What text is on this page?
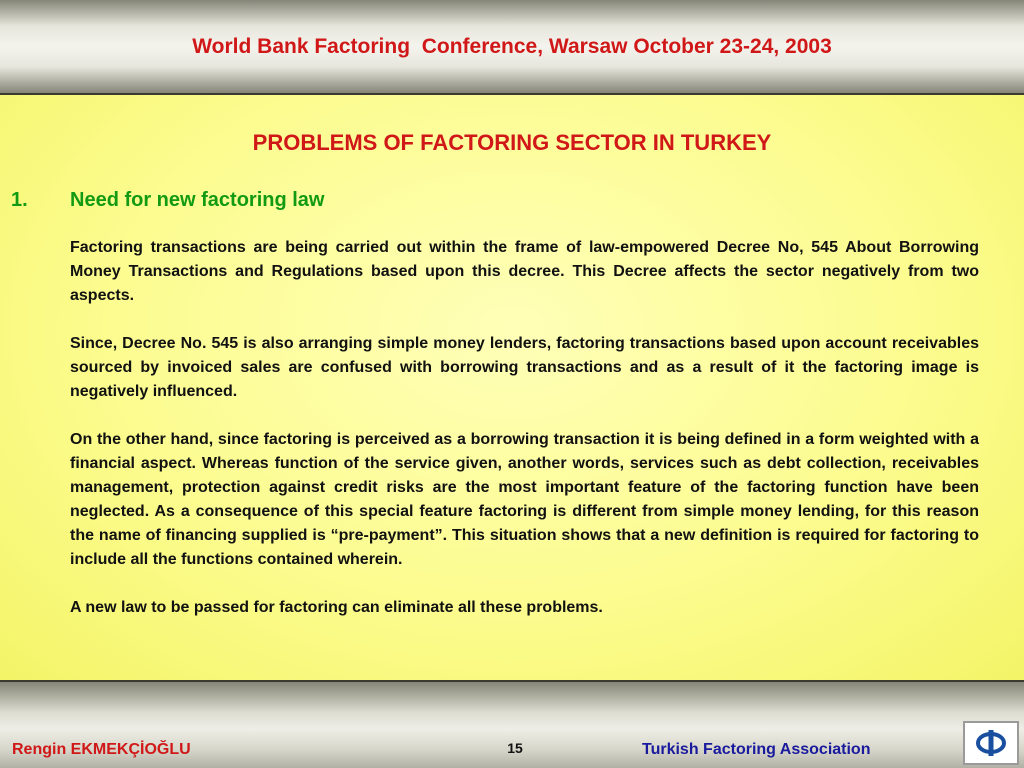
World Bank Factoring  Conference, Warsaw October 23-24, 2003
PROBLEMS OF FACTORING SECTOR IN TURKEY
1. Need for new factoring law

Factoring transactions are being carried out within the frame of law-empowered Decree No, 545 About Borrowing Money Transactions and Regulations based upon this decree. This Decree affects the sector negatively from two aspects.

Since, Decree No. 545 is also arranging simple money lenders, factoring transactions based upon account receivables sourced by invoiced sales are confused with borrowing transactions and as a result of it the factoring image is negatively influenced.

On the other hand, since factoring is perceived as a borrowing transaction it is being defined in a form weighted with a financial aspect. Whereas function of the service given, another words, services such as debt collection, receivables management, protection against credit risks are the most important feature of the factoring function have been neglected. As a consequence of this special feature factoring is different from simple money lending, for this reason the name of financing supplied is “pre-payment”. This situation shows that a new definition is required for factoring to include all the functions contained wherein.

A new law to be passed for factoring can eliminate all these problems.

Rengin EKMEKÇİOĞLU	15	Turkish Factoring Association
